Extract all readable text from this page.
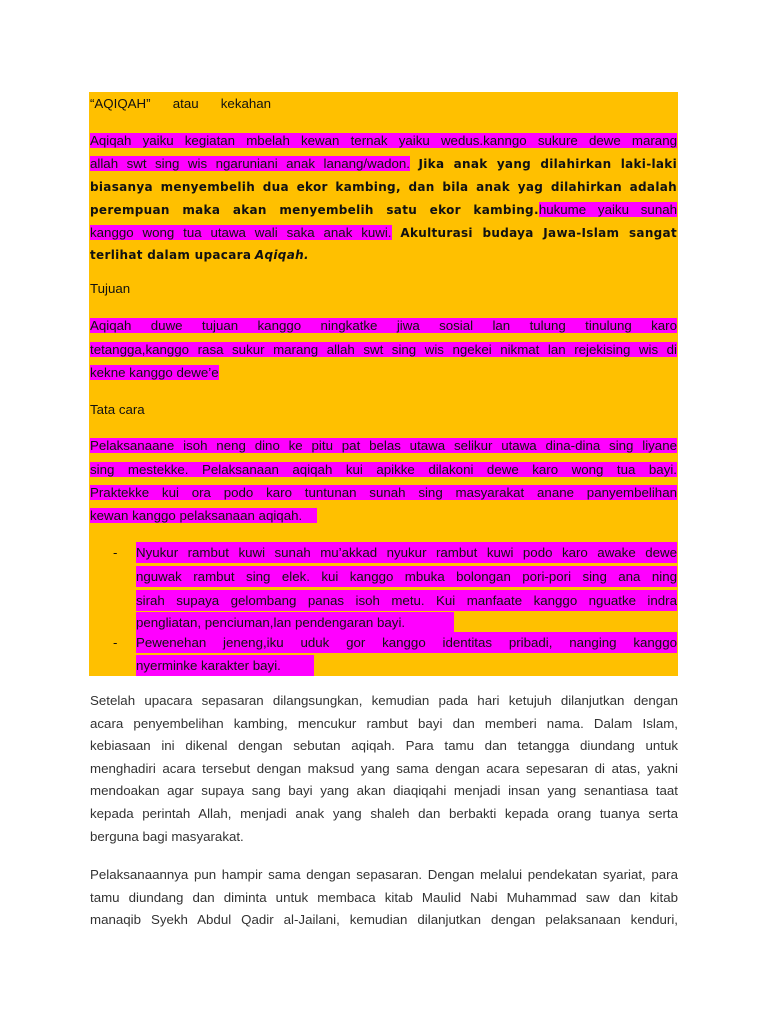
“AQIQAH”      atau      kekahan
Aqiqah yaiku kegiatan mbelah kewan ternak yaiku wedus.kanngo sukure dewe marang
allah swt sing wis ngaruniani anak lanang/wadon. Jika anak yang dilahirkan laki-laki
biasanya menyembelih dua ekor kambing, dan bila anak yag dilahirkan adalah
perempuan maka akan menyembelih satu ekor kambing.hukume yaiku sunah
kanggo wong tua utawa wali saka anak kuwi. Akulturasi budaya Jawa-Islam sangat
terlihat dalam upacara Aqiqah.
Tujuan
Aqiqah duwe tujuan kanggo ningkatke jiwa sosial lan tulung tinulung karo
tetangga,kanggo rasa sukur marang allah swt sing wis ngekei nikmat lan rejekising wis di
kekne kanggo dewe’e
Tata cara
Pelaksanaane isoh neng dino ke pitu pat belas utawa selikur utawa dina-dina sing liyane
sing mestekke. Pelaksanaan aqiqah kui apikke dilakoni dewe karo wong tua bayi.
Praktekke kui ora podo karo tuntunan sunah sing masyarakat anane panyembelihan
kewan kanggo pelaksanaan aqiqah.
- Nyukur rambut kuwi sunah mu’akkad nyukur rambut kuwi podo karo awake dewe
nguwak rambut sing elek. kui kanggo mbuka bolongan pori-pori sing ana ning
sirah supaya gelombang panas isoh metu. Kui manfaate kanggo nguatke indra
pengliatan, penciuman,lan pendengaran bayi.
- Pewenehan jeneng,iku uduk gor kanggo identitas pribadi, nanging kanggo
nyerminke karakter bayi.
Setelah upacara sepasaran dilangsungkan, kemudian pada hari ketujuh dilanjutkan dengan
acara penyembelihan kambing, mencukur rambut bayi dan memberi nama. Dalam Islam,
kebiasaan ini dikenal dengan sebutan aqiqah. Para tamu dan tetangga diundang untuk
menghadiri acara tersebut dengan maksud yang sama dengan acara sepesaran di atas, yakni
mendoakan agar supaya sang bayi yang akan diaqiqahi menjadi insan yang senantiasa taat
kepada perintah Allah, menjadi anak yang shaleh dan berbakti kepada orang tuanya serta
berguna bagi masyarakat.
Pelaksanaannya pun hampir sama dengan sepasaran. Dengan melalui pendekatan syariat, para
tamu diundang dan diminta untuk membaca kitab Maulid Nabi Muhammad saw dan kitab
manaqib Syekh Abdul Qadir al-Jailani, kemudian dilanjutkan dengan pelaksanaan kenduri,
